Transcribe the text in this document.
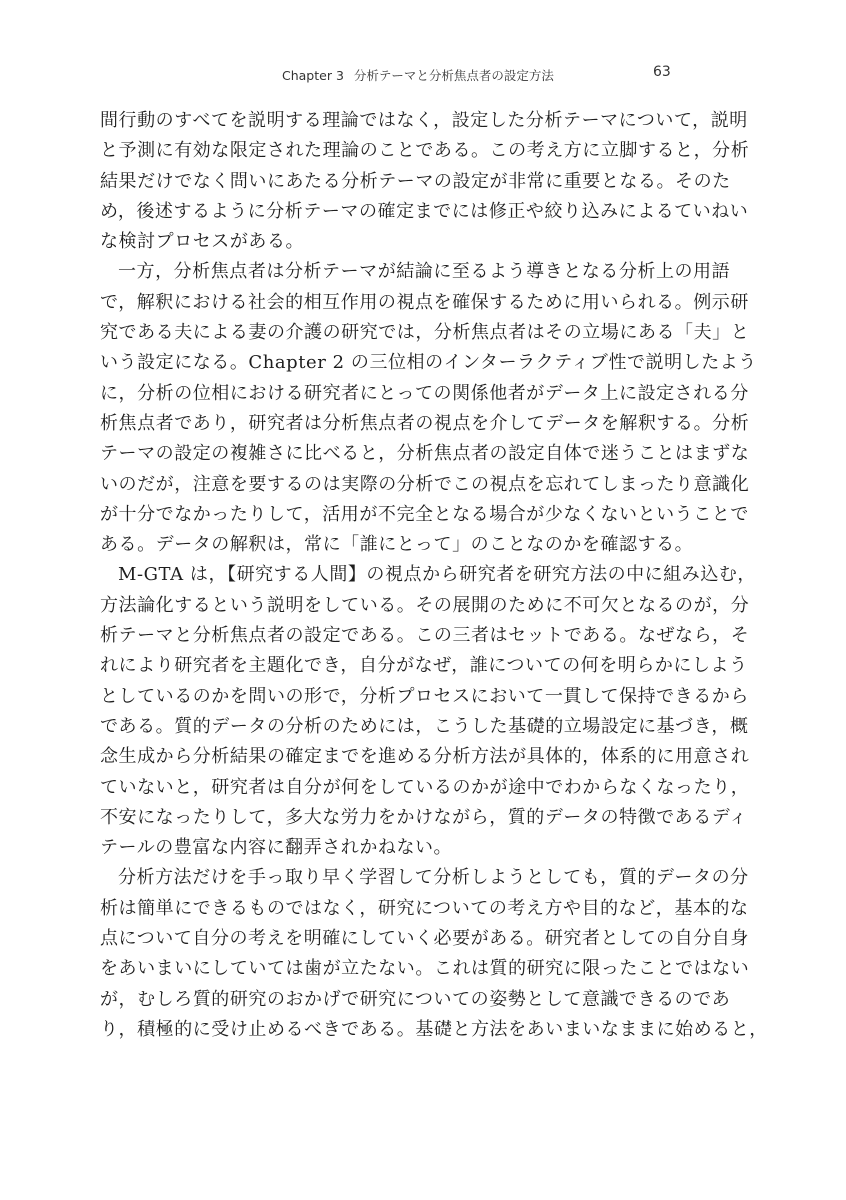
Chapter 3 分析テーマと分析焦点者の設定方法	63

間行動のすべてを説明する理論ではなく，設定した分析テーマについて，説明
と予測に有効な限定された理論のことである。この考え方に立脚すると，分析
結果だけでなく問いにあたる分析テーマの設定が非常に重要となる。そのた
め，後述するように分析テーマの確定までには修正や絞り込みによるていねい
な検討プロセスがある。

一方，分析焦点者は分析テーマが結論に至るよう導きとなる分析上の用語
で，解釈における社会的相互作用の視点を確保するために用いられる。例示研
究である夫による妻の介護の研究では，分析焦点者はその立場にある「夫」と
いう設定になる。Chapter 2 の三位相のインターラクティブ性で説明したよう
に，分析の位相における研究者にとっての関係他者がデータ上に設定される分
析焦点者であり，研究者は分析焦点者の視点を介してデータを解釈する。分析
テーマの設定の複雑さに比べると，分析焦点者の設定自体で迷うことはまずな
いのだが，注意を要するのは実際の分析でこの視点を忘れてしまったり意識化
が十分でなかったりして，活用が不完全となる場合が少なくないということで
ある。データの解釈は，常に「誰にとって」のことなのかを確認する。

M-GTA は，【研究する人間】の視点から研究者を研究方法の中に組み込む，
方法論化するという説明をしている。その展開のために不可欠となるのが，分
析テーマと分析焦点者の設定である。この三者はセットである。なぜなら，そ
れにより研究者を主題化でき，自分がなぜ，誰についての何を明らかにしよう
としているのかを問いの形で，分析プロセスにおいて一貫して保持できるから
である。質的データの分析のためには，こうした基礎的立場設定に基づき，概
念生成から分析結果の確定までを進める分析方法が具体的，体系的に用意され
ていないと，研究者は自分が何をしているのかが途中でわからなくなったり，
不安になったりして，多大な労力をかけながら，質的データの特徴であるディ
テールの豊富な内容に翻弄されかねない。

分析方法だけを手っ取り早く学習して分析しようとしても，質的データの分
析は簡単にできるものではなく，研究についての考え方や目的など，基本的な
点について自分の考えを明確にしていく必要がある。研究者としての自分自身
をあいまいにしていては歯が立たない。これは質的研究に限ったことではない
が，むしろ質的研究のおかげで研究についての姿勢として意識できるのであ
り，積極的に受け止めるべきである。基礎と方法をあいまいなままに始めると，
